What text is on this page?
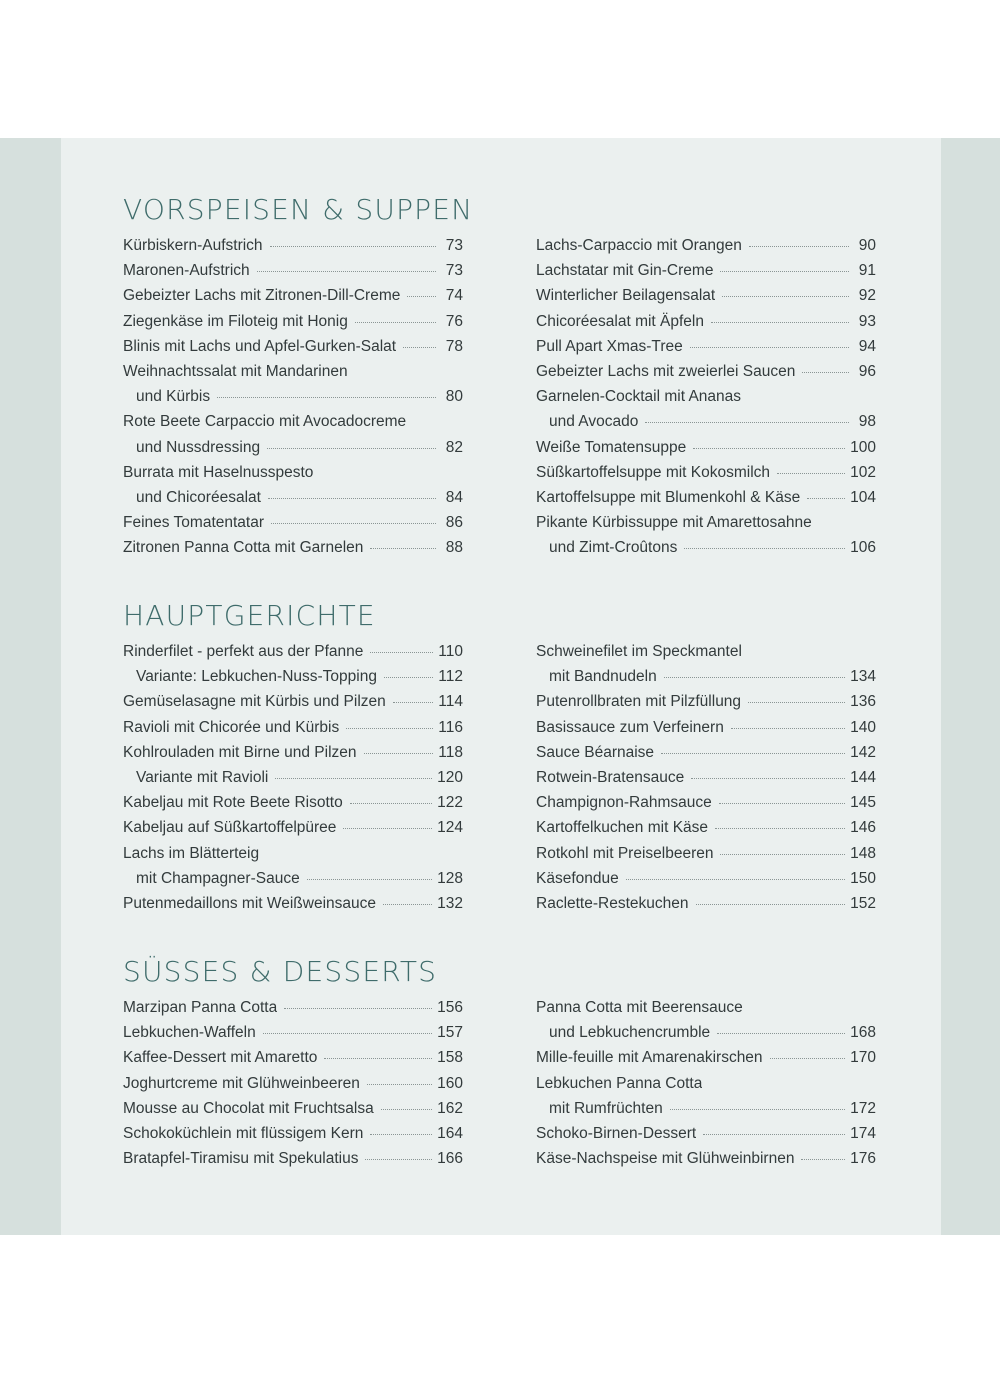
VORSPEISEN & SUPPEN
Kürbiskern-Aufstrich	73
Maronen-Aufstrich	73
Gebeizter Lachs mit Zitronen-Dill-Creme	74
Ziegenkäse im Filoteig mit Honig	76
Blinis mit Lachs und Apfel-Gurken-Salat	78
Weihnachtssalat mit Mandarinen
und Kürbis	80
Rote Beete Carpaccio mit Avocadocreme
und Nussdressing	82
Burrata mit Haselnusspesto
und Chicoréesalat	84
Feines Tomatentatar	86
Zitronen Panna Cotta mit Garnelen	88
Lachs-Carpaccio mit Orangen	90
Lachstatar mit Gin-Creme	91
Winterlicher Beilagensalat	92
Chicoréesalat mit Äpfeln	93
Pull Apart Xmas-Tree	94
Gebeizter Lachs mit zweierlei Saucen	96
Garnelen-Cocktail mit Ananas
und Avocado	98
Weiße Tomatensuppe	100
Süßkartoffelsuppe mit Kokosmilch	102
Kartoffelsuppe mit Blumenkohl & Käse	104
Pikante Kürbissuppe mit Amarettosahne
und Zimt-Croûtons	106
HAUPTGERICHTE
Rinderfilet - perfekt aus der Pfanne	110
Variante: Lebkuchen-Nuss-Topping	112
Gemüselasagne mit Kürbis und Pilzen	114
Ravioli mit Chicorée und Kürbis	116
Kohlrouladen mit Birne und Pilzen	118
Variante mit Ravioli	120
Kabeljau mit Rote Beete Risotto	122
Kabeljau auf Süßkartoffelpüree	124
Lachs im Blätterteig
mit Champagner-Sauce	128
Putenmedaillons mit Weißweinsauce	132
Schweinefilet im Speckmantel
mit Bandnudeln	134
Putenrollbraten mit Pilzfüllung	136
Basissauce zum Verfeinern	140
Sauce Béarnaise	142
Rotwein-Bratensauce	144
Champignon-Rahmsauce	145
Kartoffelkuchen mit Käse	146
Rotkohl mit Preiselbeeren	148
Käsefondue	150
Raclette-Restekuchen	152
SÜSSES & DESSERTS
Marzipan Panna Cotta	156
Lebkuchen-Waffeln	157
Kaffee-Dessert mit Amaretto	158
Joghurtcreme mit Glühweinbeeren	160
Mousse au Chocolat mit Fruchtsalsa	162
Schokoküchlein mit flüssigem Kern	164
Bratapfel-Tiramisu mit Spekulatius	166
Panna Cotta mit Beerensauce
und Lebkuchencrumble	168
Mille-feuille mit Amarenakirschen	170
Lebkuchen Panna Cotta
mit Rumfrüchten	172
Schoko-Birnen-Dessert	174
Käse-Nachspeise mit Glühweinbirnen	176
